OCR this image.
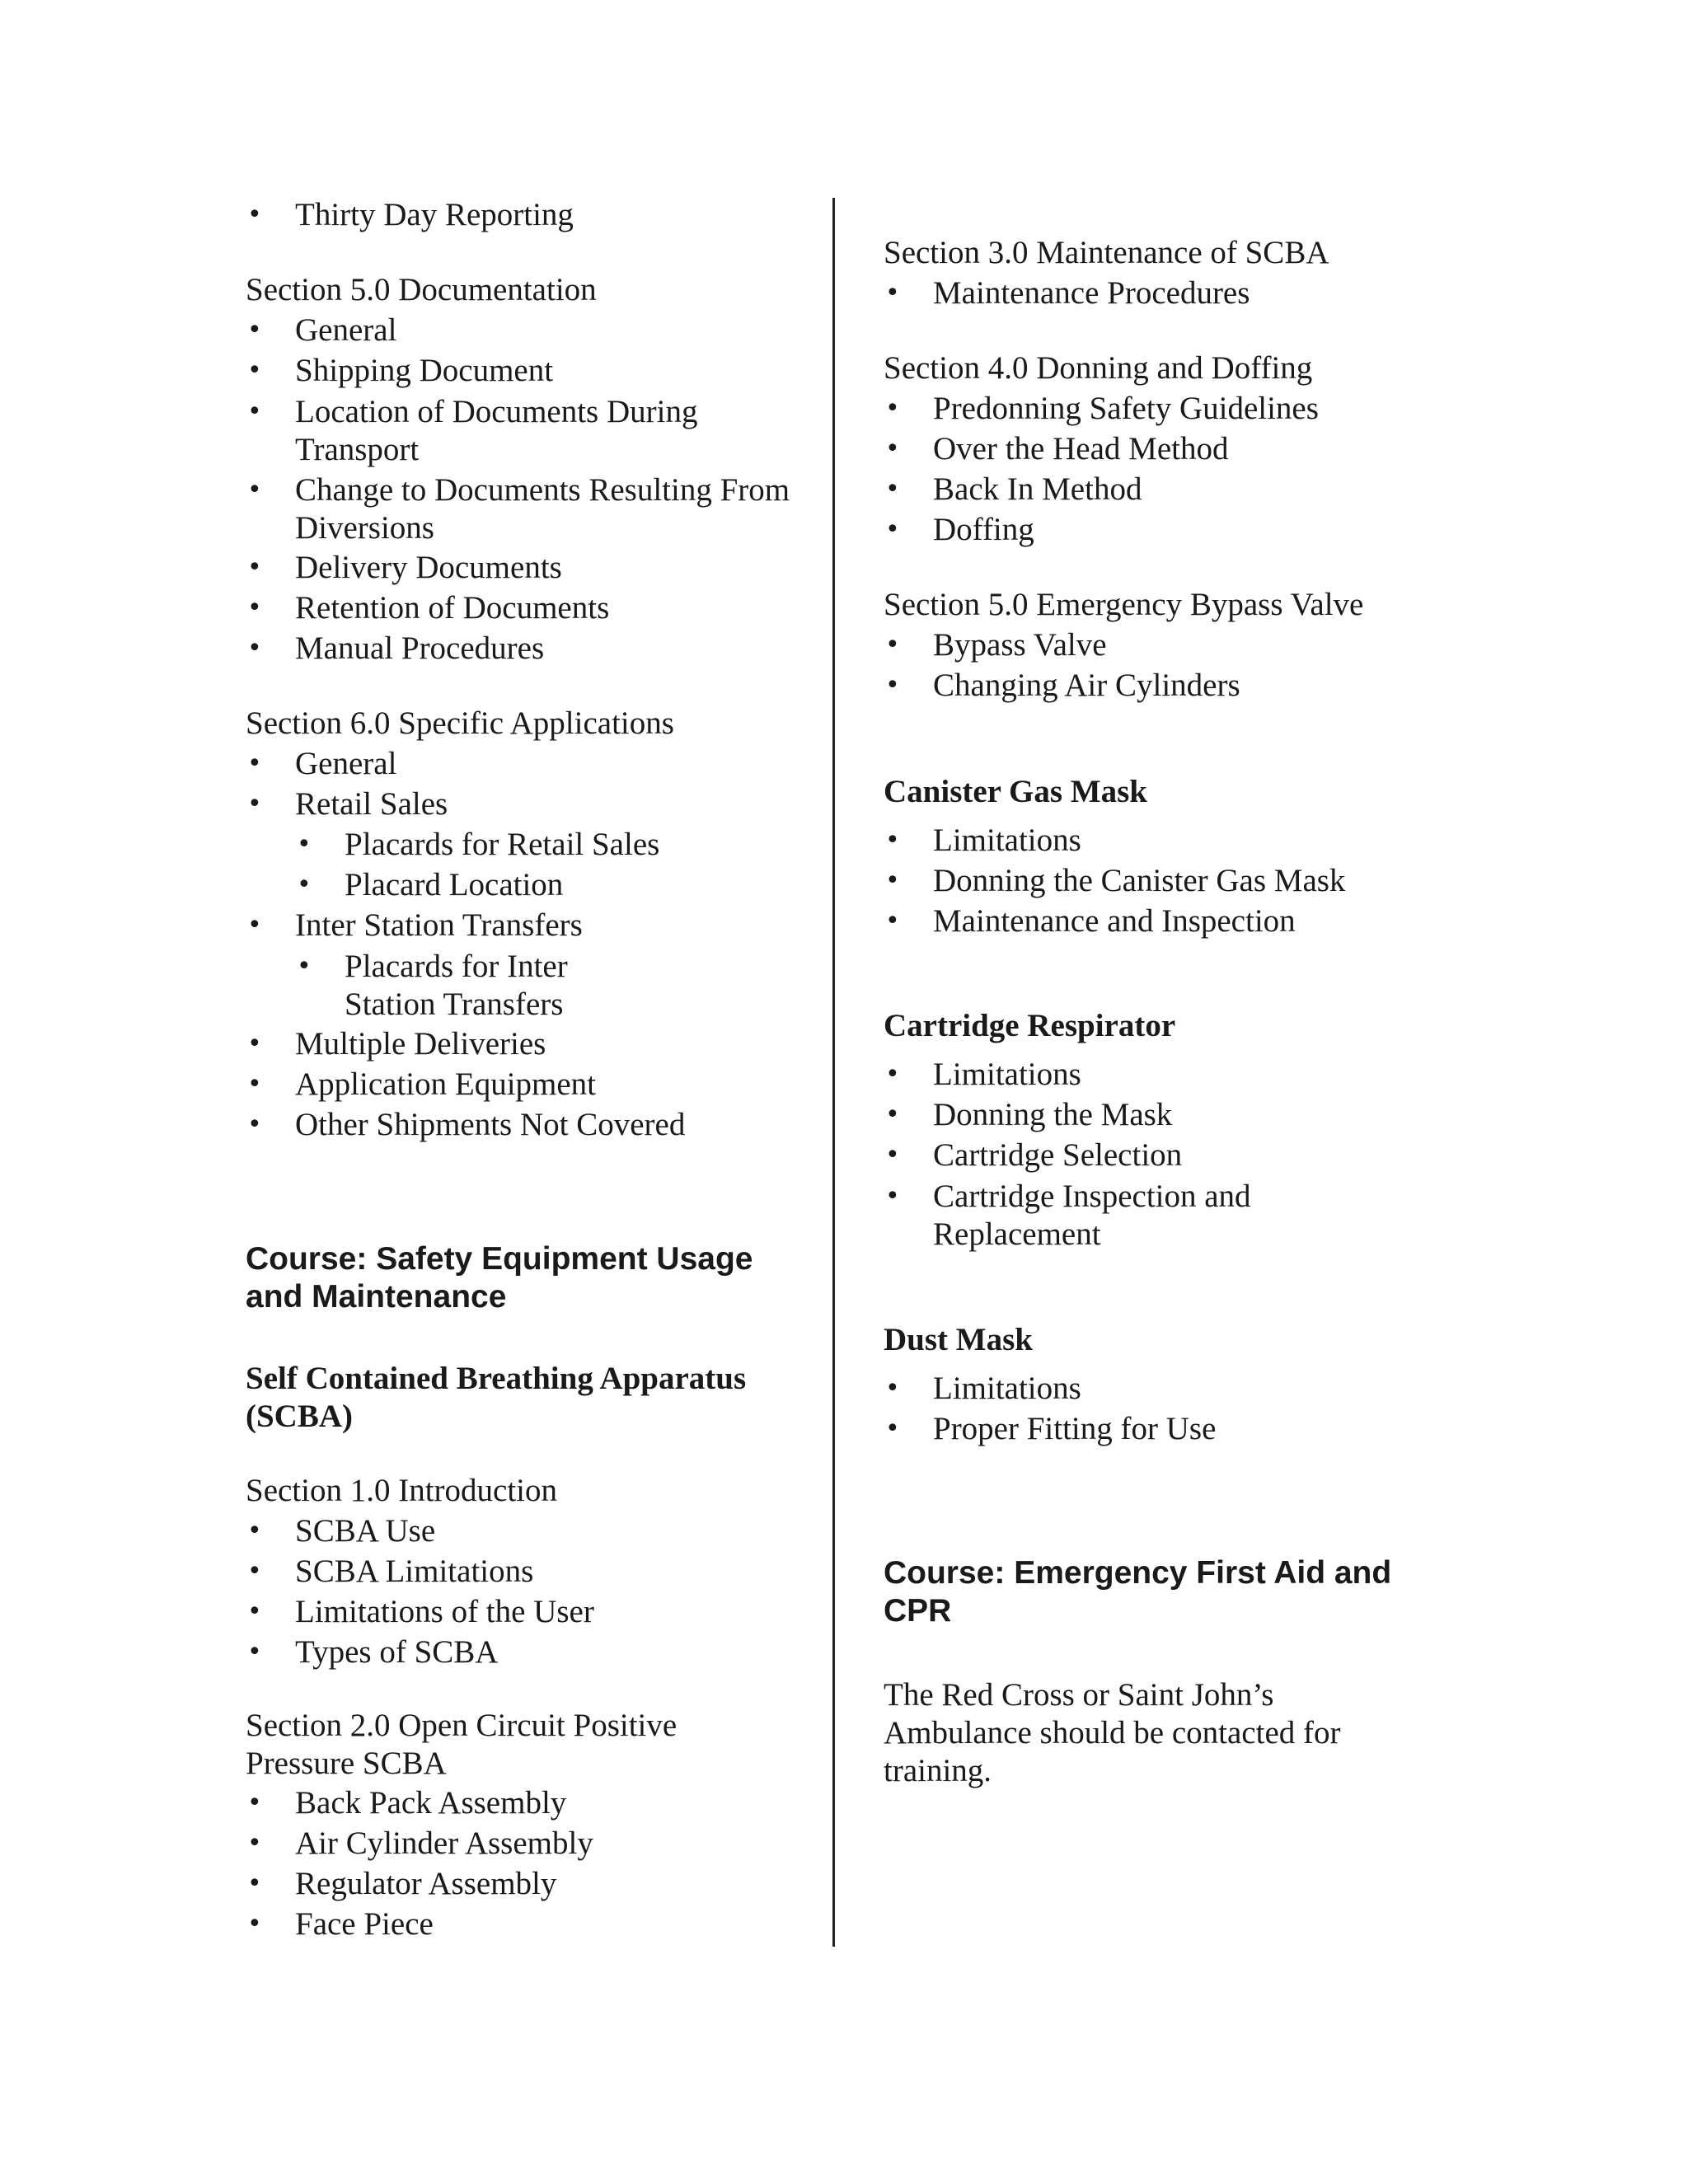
• Thirty Day Reporting

Section 5.0 Documentation

• General
• Shipping Document
• Location of Documents During Transport
• Change to Documents Resulting From Diversions
• Delivery Documents
• Retention of Documents
• Manual Procedures

Section 6.0 Specific Applications

• General
• Retail Sales
• Placards for Retail Sales
• Placard Location
• Inter Station Transfers
• Placards for Inter Station Transfers
• Multiple Deliveries
• Application Equipment
• Other Shipments Not Covered

Course: Safety Equipment Usage and Maintenance

Self Contained Breathing Apparatus (SCBA)

Section 1.0 Introduction

• SCBA Use
• SCBA Limitations
• Limitations of the User
• Types of SCBA

Section 2.0 Open Circuit Positive Pressure SCBA

• Back Pack Assembly
• Air Cylinder Assembly
• Regulator Assembly
• Face Piece

Section 3.0 Maintenance of SCBA

• Maintenance Procedures

Section 4.0 Donning and Doffing

• Predonning Safety Guidelines
• Over the Head Method
• Back In Method
• Doffing

Section 5.0 Emergency Bypass Valve

• Bypass Valve
• Changing Air Cylinders

Canister Gas Mask

• Limitations
• Donning the Canister Gas Mask
• Maintenance and Inspection

Cartridge Respirator

• Limitations
• Donning the Mask
• Cartridge Selection
• Cartridge Inspection and Replacement

Dust Mask

• Limitations
• Proper Fitting for Use

Course: Emergency First Aid and CPR

The Red Cross or Saint John’s Ambulance should be contacted for training.
